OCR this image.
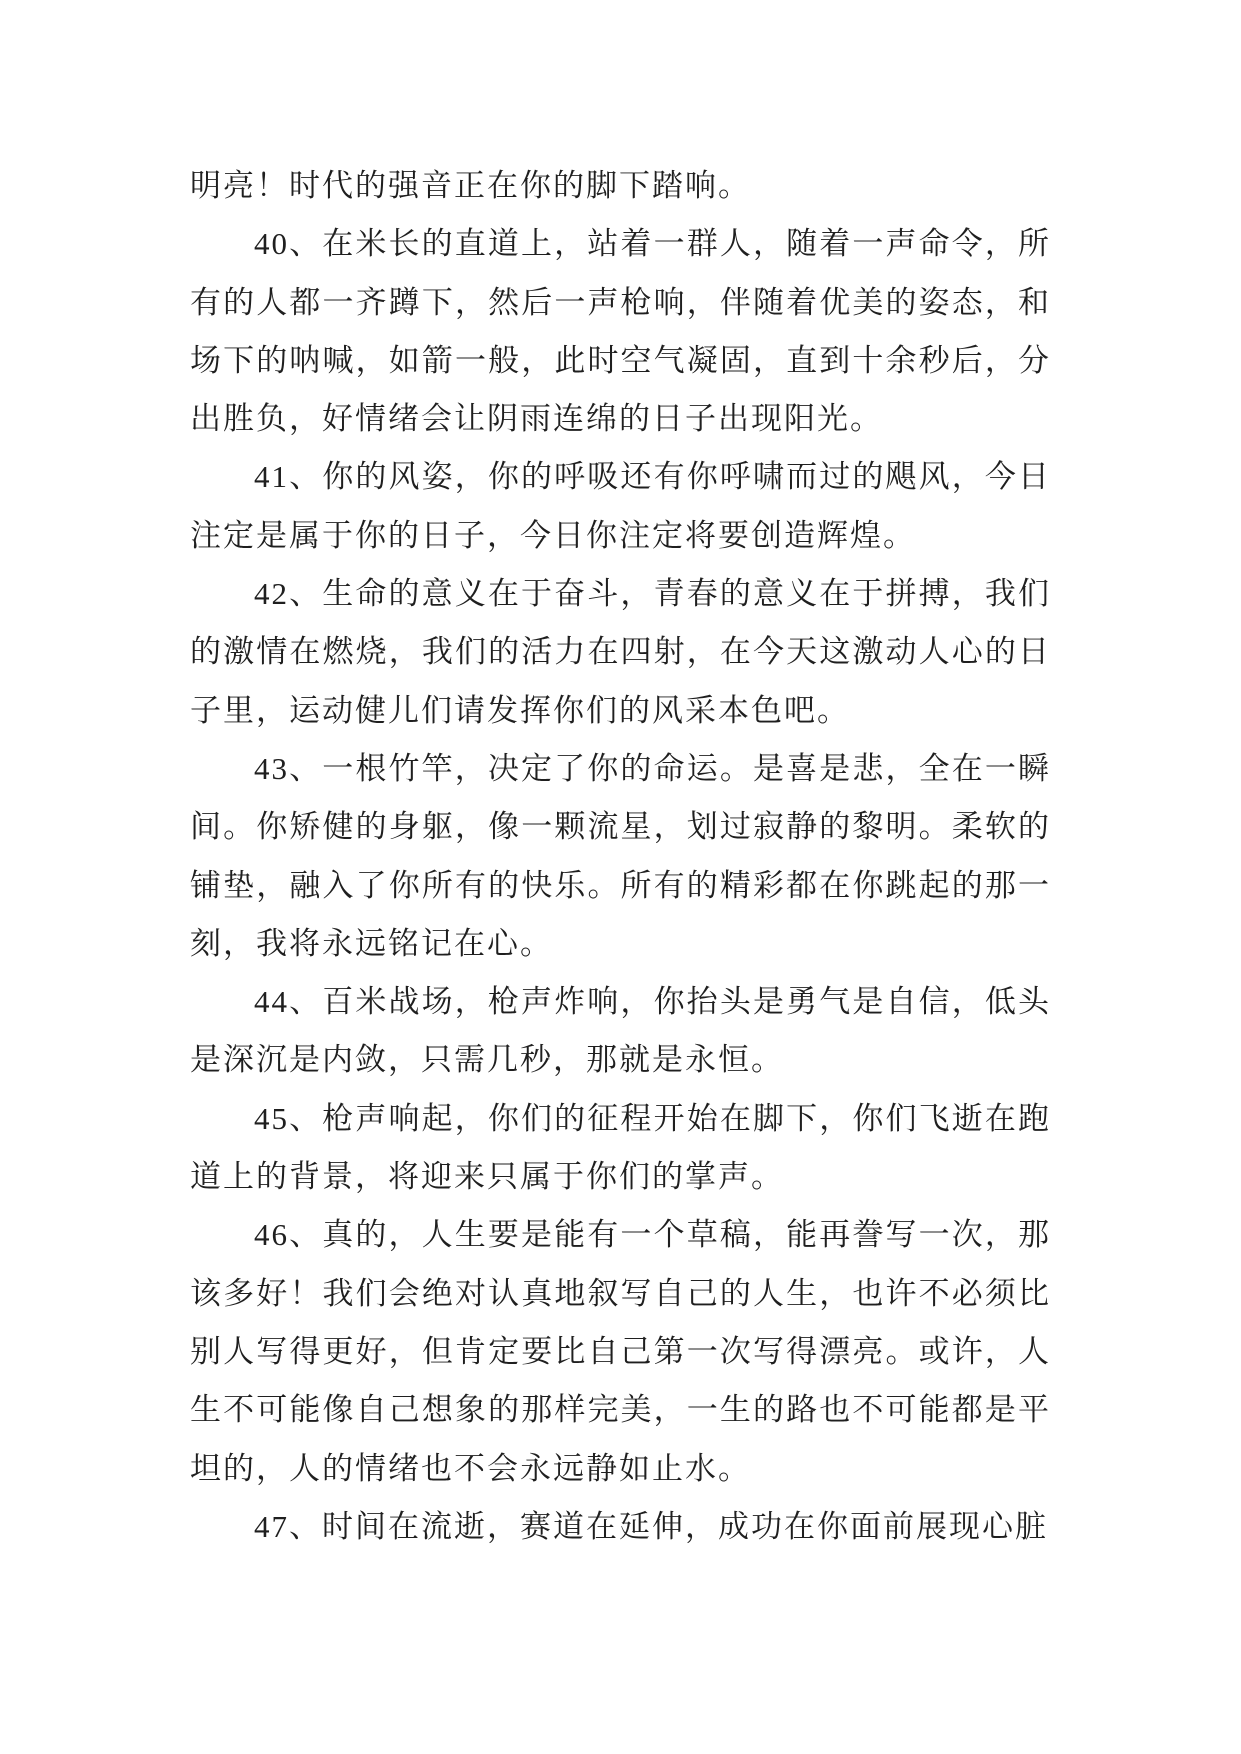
明亮！时代的强音正在你的脚下踏响。

40、在米长的直道上，站着一群人，随着一声命令，所有的人都一齐蹲下，然后一声枪响，伴随着优美的姿态，和场下的呐喊，如箭一般，此时空气凝固，直到十余秒后，分出胜负，好情绪会让阴雨连绵的日子出现阳光。

41、你的风姿，你的呼吸还有你呼啸而过的飓风，今日注定是属于你的日子，今日你注定将要创造辉煌。

42、生命的意义在于奋斗，青春的意义在于拼搏，我们的激情在燃烧，我们的活力在四射，在今天这激动人心的日子里，运动健儿们请发挥你们的风采本色吧。

43、一根竹竿，决定了你的命运。是喜是悲，全在一瞬间。你矫健的身躯，像一颗流星，划过寂静的黎明。柔软的铺垫，融入了你所有的快乐。所有的精彩都在你跳起的那一刻，我将永远铭记在心。

44、百米战场，枪声炸响，你抬头是勇气是自信，低头是深沉是内敛，只需几秒，那就是永恒。

45、枪声响起，你们的征程开始在脚下，你们飞逝在跑道上的背景，将迎来只属于你们的掌声。

46、真的，人生要是能有一个草稿，能再誊写一次，那该多好！我们会绝对认真地叙写自己的人生，也许不必须比别人写得更好，但肯定要比自己第一次写得漂亮。或许，人生不可能像自己想象的那样完美，一生的路也不可能都是平坦的，人的情绪也不会永远静如止水。

47、时间在流逝，赛道在延伸，成功在你面前展现心脏
